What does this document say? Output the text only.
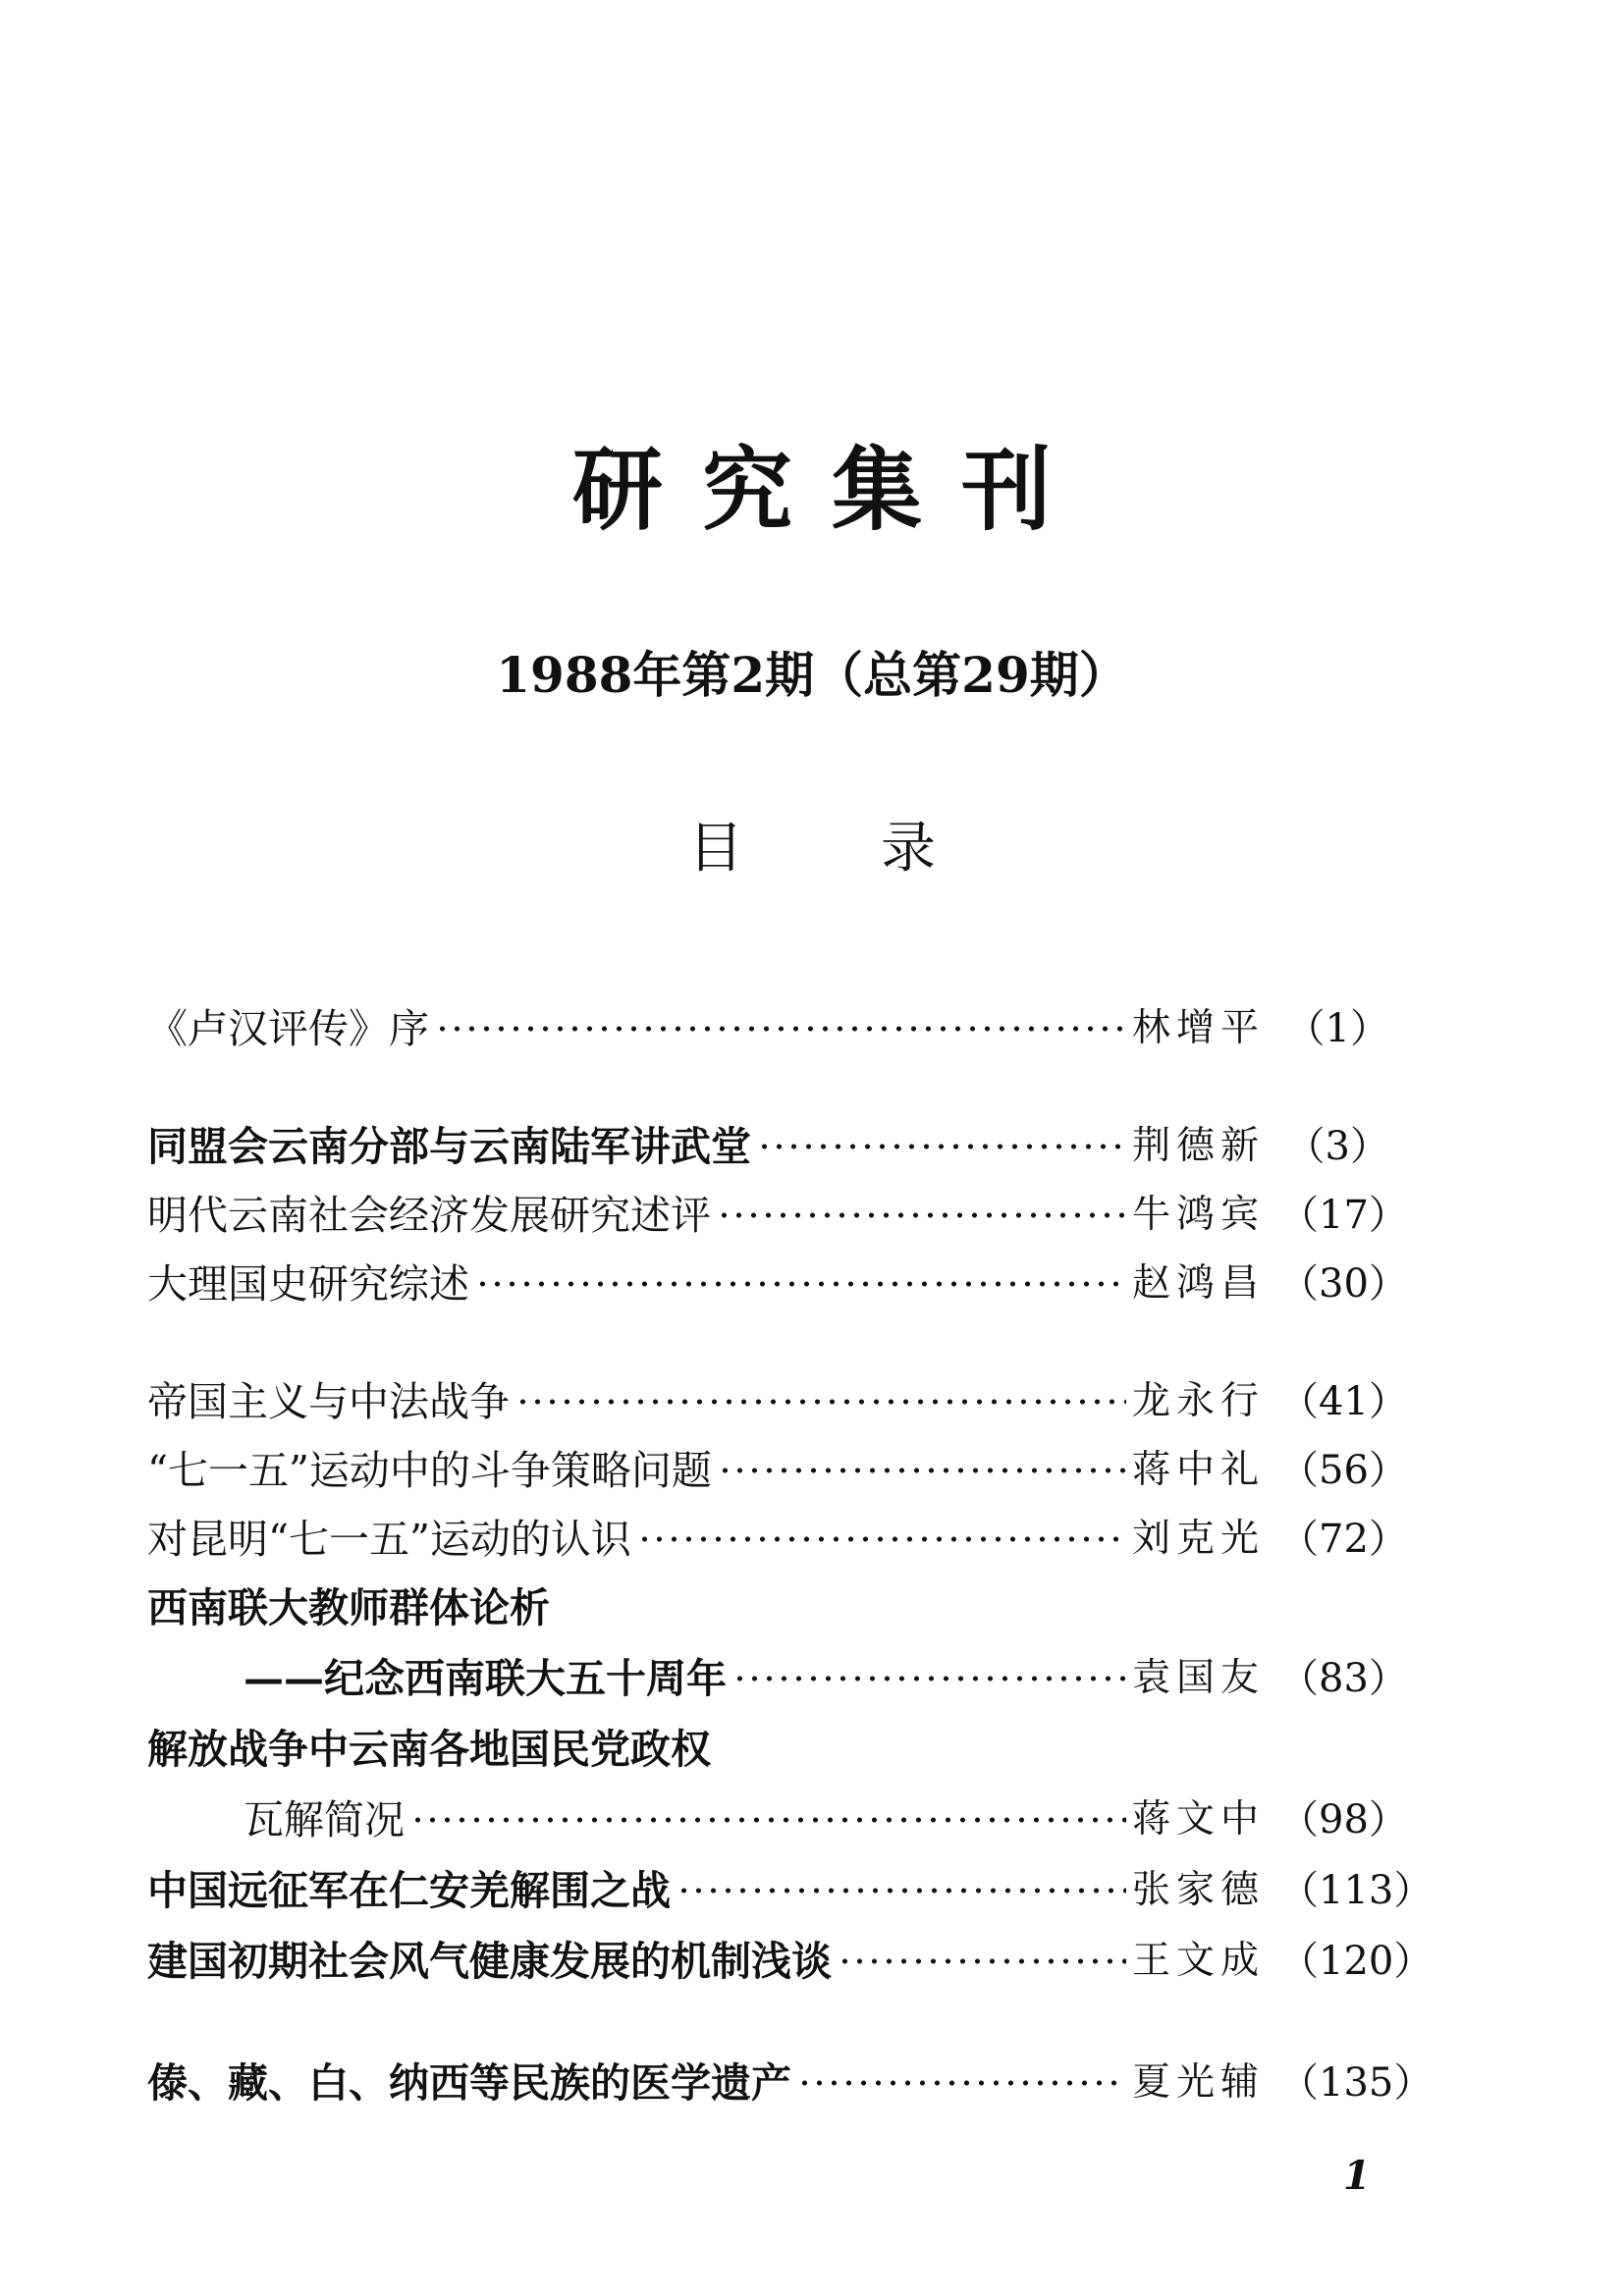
研究集刊
1988年第2期（总第29期）
目录
《卢汉评传》序	林增平 （1）
同盟会云南分部与云南陆军讲武堂	荆德新 （3）
明代云南社会经济发展研究述评	牛鸿宾 （17）
大理国史研究综述	赵鸿昌 （30）
帝国主义与中法战争	龙永行 （41）
“七一五”运动中的斗争策略问题	蒋中礼 （56）
对昆明“七一五”运动的认识	刘克光 （72）
西南联大教师群体论析
——纪念西南联大五十周年	袁国友 （83）
解放战争中云南各地国民党政权
瓦解简况	蒋文中 （98）
中国远征军在仁安羌解围之战	张家德 （113）
建国初期社会风气健康发展的机制浅谈	王文成 （120）
傣、藏、白、纳西等民族的医学遗产	夏光辅 （135）
1
